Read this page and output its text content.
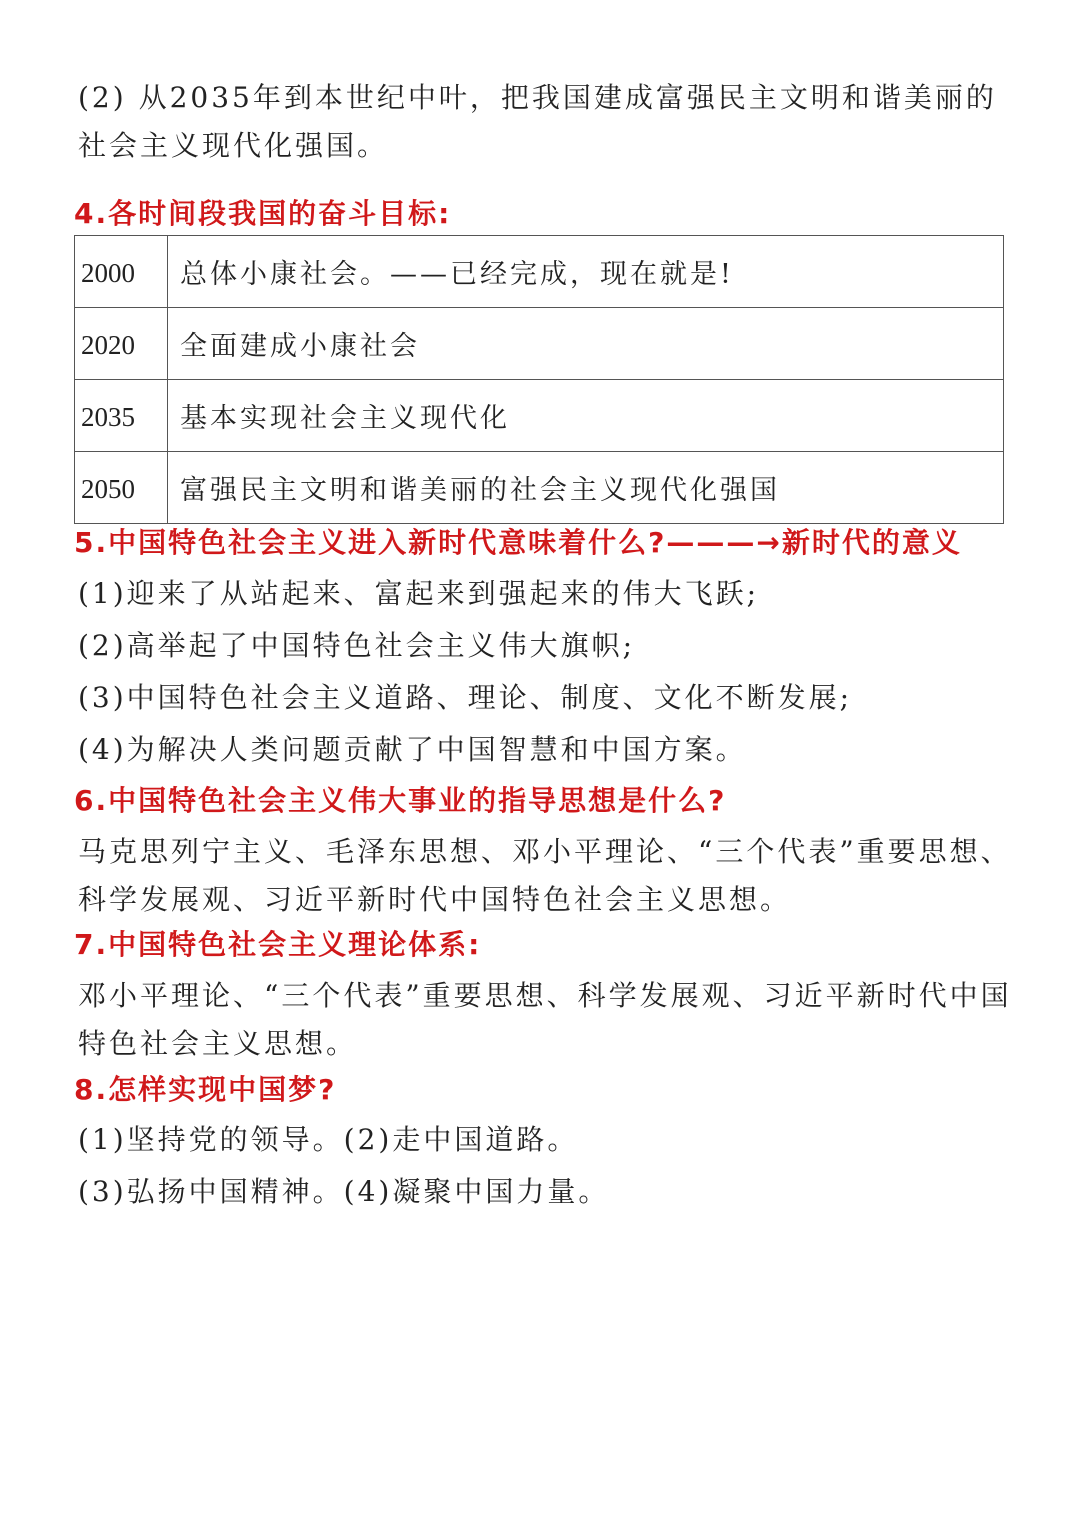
(2) 从2035年到本世纪中叶，把我国建成富强民主文明和谐美丽的社会主义现代化强国。
4.各时间段我国的奋斗目标:
2000	总体小康社会。——已经完成，现在就是!
2020	全面建成小康社会
2035	基本实现社会主义现代化
2050	富强民主文明和谐美丽的社会主义现代化强国
5.中国特色社会主义进入新时代意味着什么?———→新时代的意义
(1)迎来了从站起来、富起来到强起来的伟大飞跃;
(2)高举起了中国特色社会主义伟大旗帜;
(3)中国特色社会主义道路、理论、制度、文化不断发展;
(4)为解决人类问题贡献了中国智慧和中国方案。
6.中国特色社会主义伟大事业的指导思想是什么?
马克思列宁主义、毛泽东思想、邓小平理论、“三个代表”重要思想、科学发展观、习近平新时代中国特色社会主义思想。
7.中国特色社会主义理论体系:
邓小平理论、“三个代表”重要思想、科学发展观、习近平新时代中国特色社会主义思想。
8.怎样实现中国梦?
(1)坚持党的领导。(2)走中国道路。
(3)弘扬中国精神。(4)凝聚中国力量。
